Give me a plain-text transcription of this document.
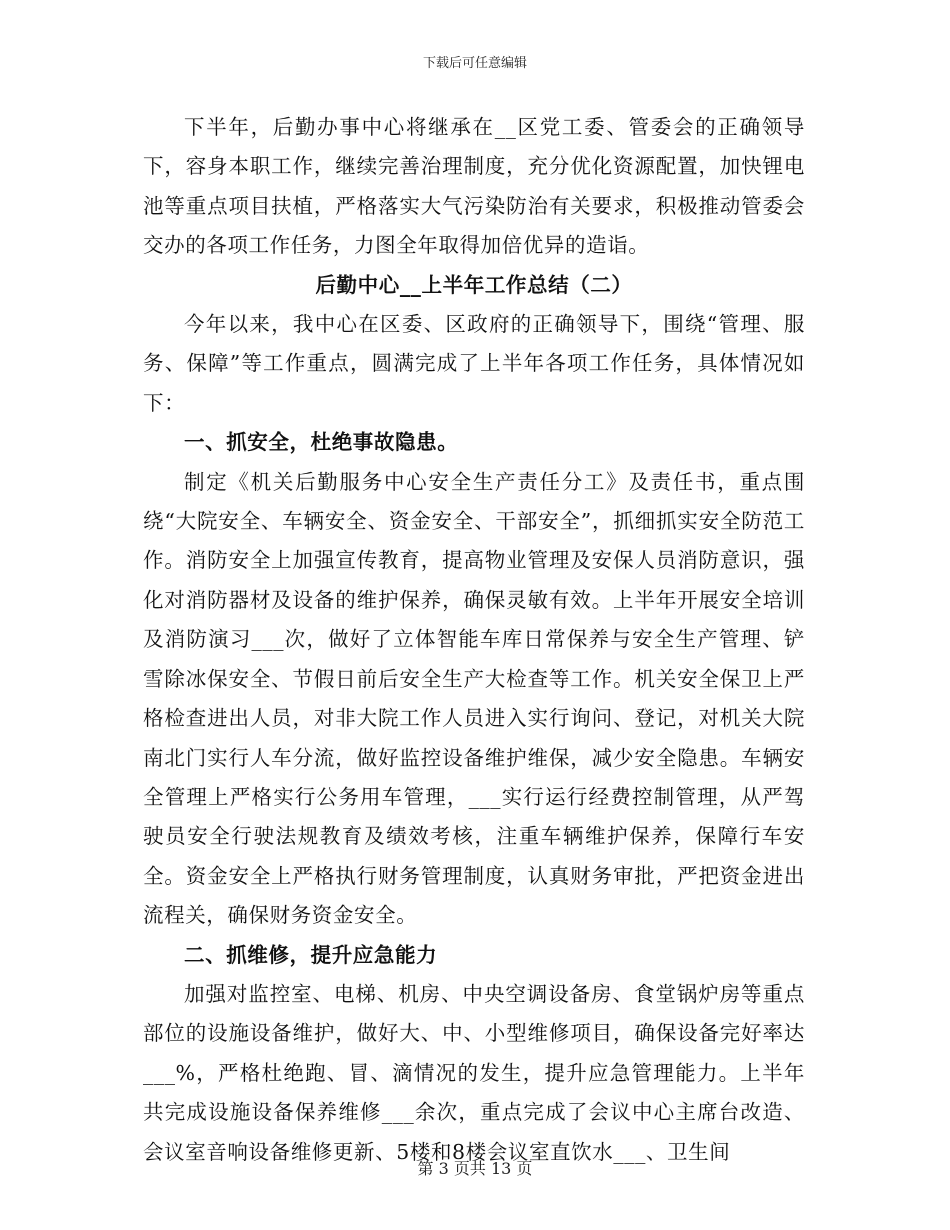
下载后可任意编辑

下半年，后勤办事中心将继承在__区党工委、管委会的正确领导下，容身本职工作，继续完善治理制度，充分优化资源配置，加快锂电池等重点项目扶植，严格落实大气污染防治有关要求，积极推动管委会交办的各项工作任务，力图全年取得加倍优异的造诣。

后勤中心__上半年工作总结（二）

今年以来，我中心在区委、区政府的正确领导下，围绕“管理、服务、保障”等工作重点，圆满完成了上半年各项工作任务，具体情况如下：

一、抓安全，杜绝事故隐患。

制定《机关后勤服务中心安全生产责任分工》及责任书，重点围绕“大院安全、车辆安全、资金安全、干部安全”，抓细抓实安全防范工作。消防安全上加强宣传教育，提高物业管理及安保人员消防意识，强化对消防器材及设备的维护保养，确保灵敏有效。上半年开展安全培训及消防演习___次，做好了立体智能车库日常保养与安全生产管理、铲雪除冰保安全、节假日前后安全生产大检查等工作。机关安全保卫上严格检查进出人员，对非大院工作人员进入实行询问、登记，对机关大院南北门实行人车分流，做好监控设备维护维保，减少安全隐患。车辆安全管理上严格实行公务用车管理，___实行运行经费控制管理，从严驾驶员安全行驶法规教育及绩效考核，注重车辆维护保养，保障行车安全。资金安全上严格执行财务管理制度，认真财务审批，严把资金进出流程关，确保财务资金安全。

二、抓维修，提升应急能力

加强对监控室、电梯、机房、中央空调设备房、食堂锅炉房等重点部位的设施设备维护，做好大、中、小型维修项目，确保设备完好率达___%，严格杜绝跑、冒、滴情况的发生，提升应急管理能力。上半年共完成设施设备保养维修___余次，重点完成了会议中心主席台改造、会议室音响设备维修更新、5楼和8楼会议室直饮水___、卫生间

第 3 页共 13 页
